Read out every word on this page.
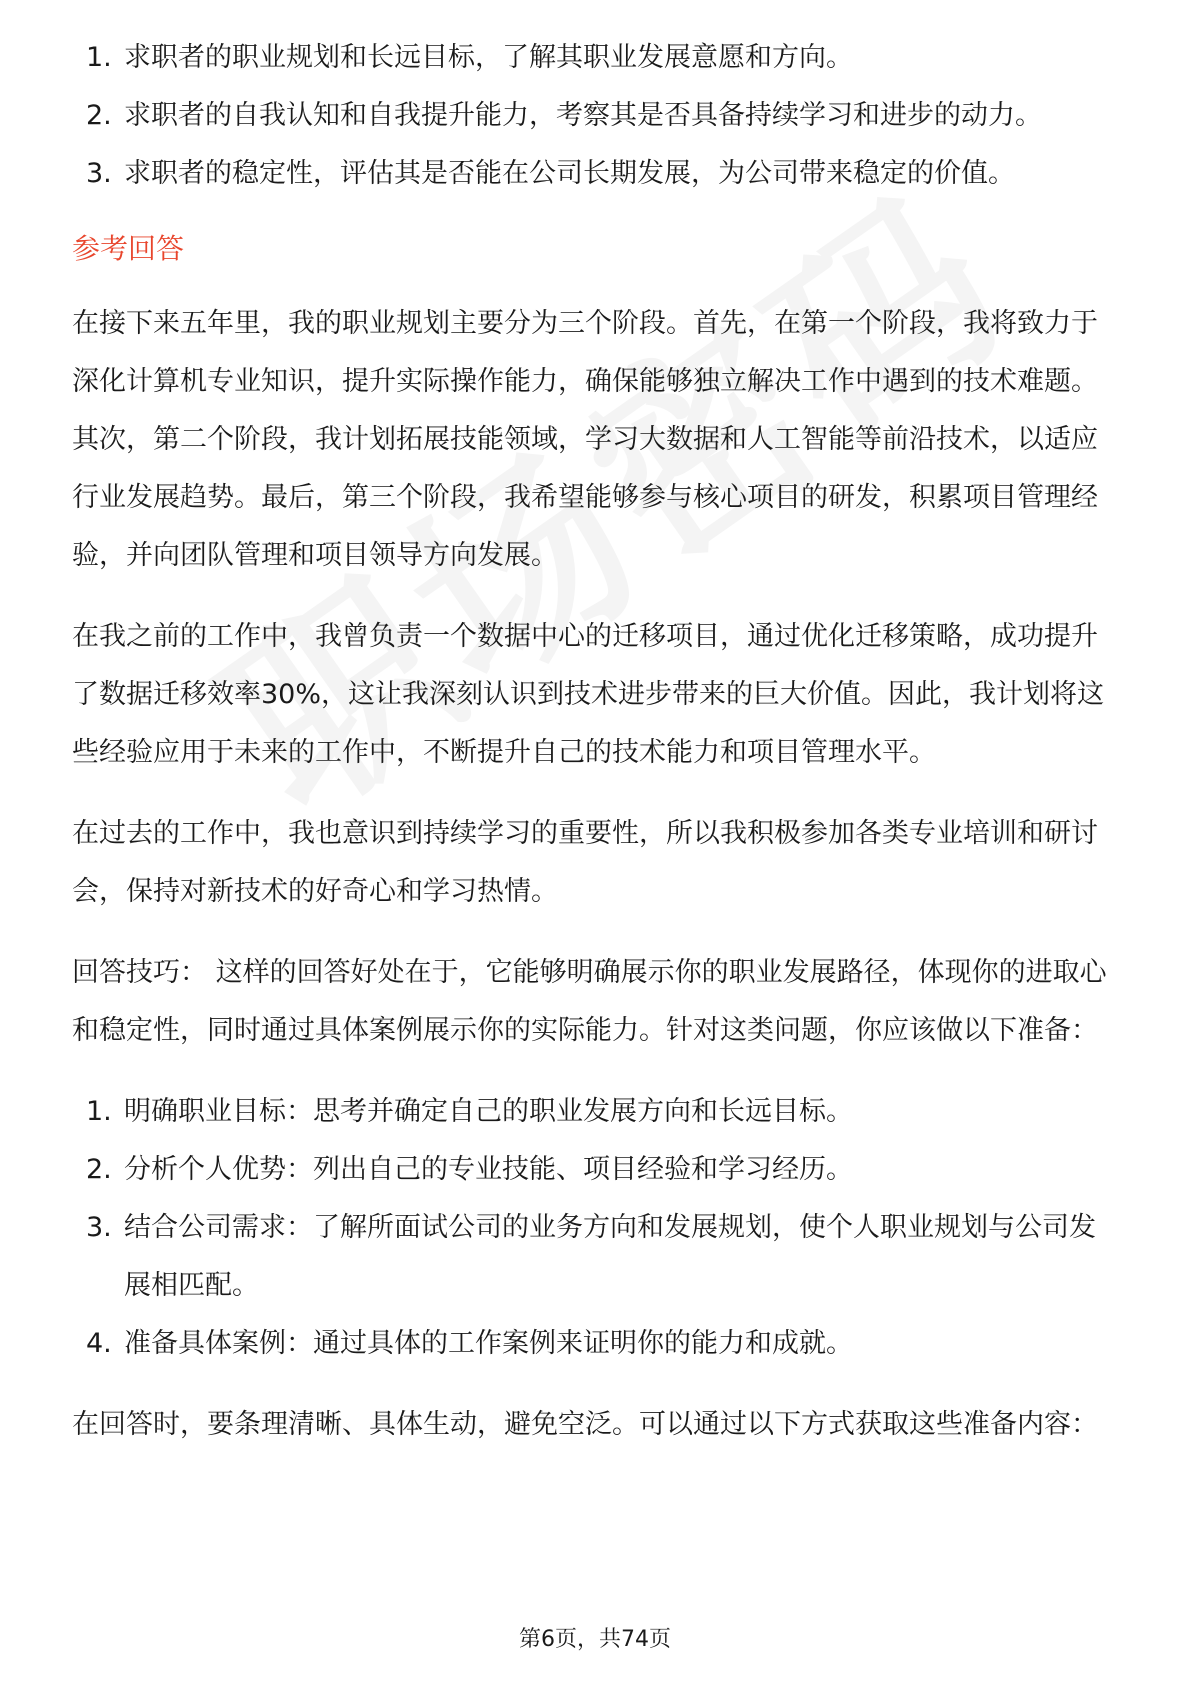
1. 求职者的职业规划和长远目标，了解其职业发展意愿和方向。
2. 求职者的自我认知和自我提升能力，考察其是否具备持续学习和进步的动力。
3. 求职者的稳定性，评估其是否能在公司长期发展，为公司带来稳定的价值。
参考回答

在接下来五年里，我的职业规划主要分为三个阶段。首先，在第一个阶段，我将致力于深化计算机专业知识，提升实际操作能力，确保能够独立解决工作中遇到的技术难题。其次，第二个阶段，我计划拓展技能领域，学习大数据和人工智能等前沿技术，以适应行业发展趋势。最后，第三个阶段，我希望能够参与核心项目的研发，积累项目管理经验，并向团队管理和项目领导方向发展。

在我之前的工作中，我曾负责一个数据中心的迁移项目，通过优化迁移策略，成功提升了数据迁移效率30%，这让我深刻认识到技术进步带来的巨大价值。因此，我计划将这些经验应用于未来的工作中，不断提升自己的技术能力和项目管理水平。

在过去的工作中，我也意识到持续学习的重要性，所以我积极参加各类专业培训和研讨会，保持对新技术的好奇心和学习热情。

回答技巧： 这样的回答好处在于，它能够明确展示你的职业发展路径，体现你的进取心和稳定性，同时通过具体案例展示你的实际能力。针对这类问题，你应该做以下准备：

1. 明确职业目标：思考并确定自己的职业发展方向和长远目标。
2. 分析个人优势：列出自己的专业技能、项目经验和学习经历。
3. 结合公司需求：了解所面试公司的业务方向和发展规划，使个人职业规划与公司发展相匹配。
4. 准备具体案例：通过具体的工作案例来证明你的能力和成就。

在回答时，要条理清晰、具体生动，避免空泛。可以通过以下方式获取这些准备内容：

第6页，共74页
